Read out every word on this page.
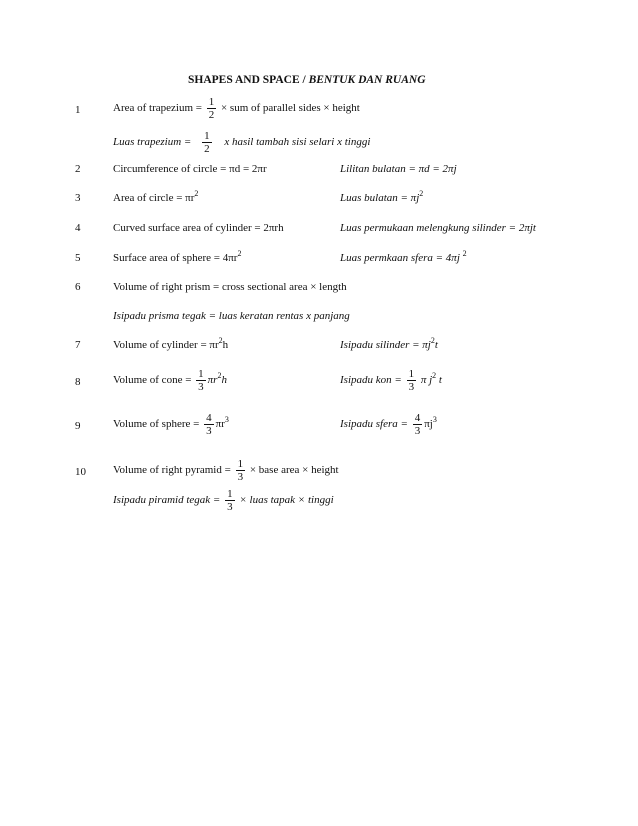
SHAPES AND SPACE / BENTUK DAN RUANG
1	Area of trapezium = $\frac{1}{2}$ × sum of parallel sides × height
Luas trapezium = $\frac{1}{2}$ x hasil tambah sisi selari x tinggi
2	Circumference of circle = πd = 2πr	Lilitan bulatan = πd = 2πj
3	Area of circle = $\pi r^2$	Luas bulatan = $\pi j^2$
4	Curved surface area of cylinder = 2πrh	Luas permukaan melengkung silinder = 2πjt
5	Surface area of sphere = $4\pi r^2$	Luas permkaan sfera = 4πj $^2$
6	Volume of right prism = cross sectional area × length
Isipadu prisma tegak = luas keratan rentas x panjang
7	Volume of cylinder = $\pi r^2h$	Isipadu silinder = $\pi j^2t$
8	Volume of cone = $\frac{1}{3} \pi r^2h$	Isipadu kon = $\frac{1}{3}$ π $j^2$ t
9	Volume of sphere = $\frac{4}{3} \pi r^3$	Isipadu sfera = $\frac{4}{3} \pi j^3$
10 Volume of right pyramid = $\frac{1}{3}$ × base area × height
Isipadu piramid tegak = $\frac{1}{3}$ × luas tapak × tinggi
